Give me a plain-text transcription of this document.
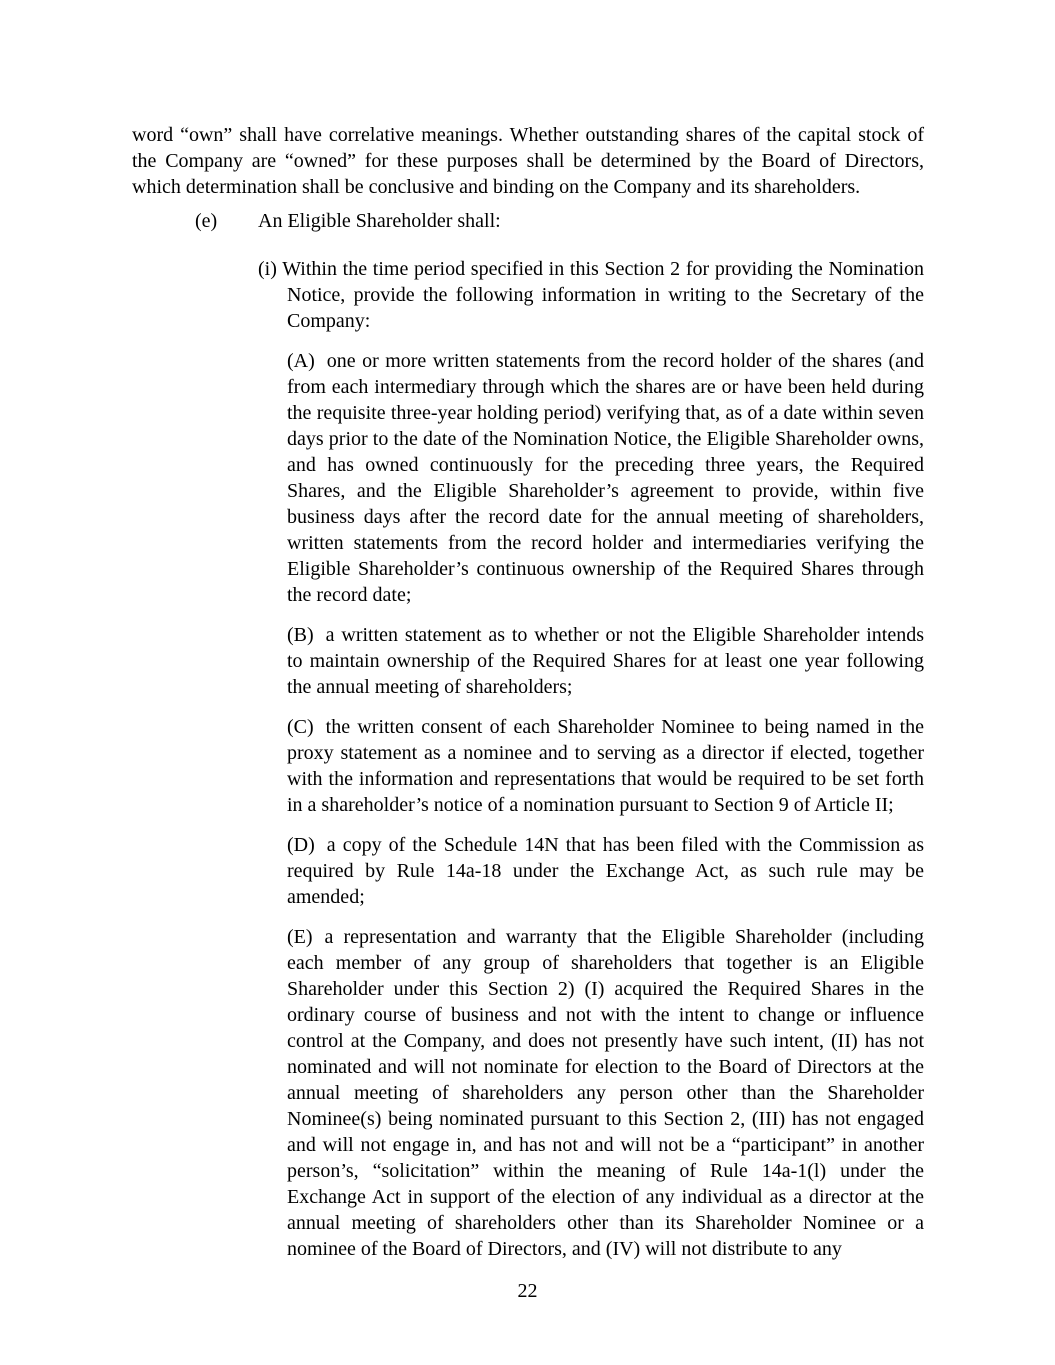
word “own” shall have correlative meanings. Whether outstanding shares of the capital stock of the Company are “owned” for these purposes shall be determined by the Board of Directors, which determination shall be conclusive and binding on the Company and its shareholders.

(e) An Eligible Shareholder shall:

(i) Within the time period specified in this Section 2 for providing the Nomination Notice, provide the following information in writing to the Secretary of the Company:

(A) one or more written statements from the record holder of the shares (and from each intermediary through which the shares are or have been held during the requisite three-year holding period) verifying that, as of a date within seven days prior to the date of the Nomination Notice, the Eligible Shareholder owns, and has owned continuously for the preceding three years, the Required Shares, and the Eligible Shareholder’s agreement to provide, within five business days after the record date for the annual meeting of shareholders, written statements from the record holder and intermediaries verifying the Eligible Shareholder’s continuous ownership of the Required Shares through the record date;

(B) a written statement as to whether or not the Eligible Shareholder intends to maintain ownership of the Required Shares for at least one year following the annual meeting of shareholders;

(C) the written consent of each Shareholder Nominee to being named in the proxy statement as a nominee and to serving as a director if elected, together with the information and representations that would be required to be set forth in a shareholder’s notice of a nomination pursuant to Section 9 of Article II;

(D) a copy of the Schedule 14N that has been filed with the Commission as required by Rule 14a-18 under the Exchange Act, as such rule may be amended;

(E) a representation and warranty that the Eligible Shareholder (including each member of any group of shareholders that together is an Eligible Shareholder under this Section 2) (I) acquired the Required Shares in the ordinary course of business and not with the intent to change or influence control at the Company, and does not presently have such intent, (II) has not nominated and will not nominate for election to the Board of Directors at the annual meeting of shareholders any person other than the Shareholder Nominee(s) being nominated pursuant to this Section 2, (III) has not engaged and will not engage in, and has not and will not be a “participant” in another person’s, “solicitation” within the meaning of Rule 14a-1(l) under the Exchange Act in support of the election of any individual as a director at the annual meeting of shareholders other than its Shareholder Nominee or a nominee of the Board of Directors, and (IV) will not distribute to any

22
